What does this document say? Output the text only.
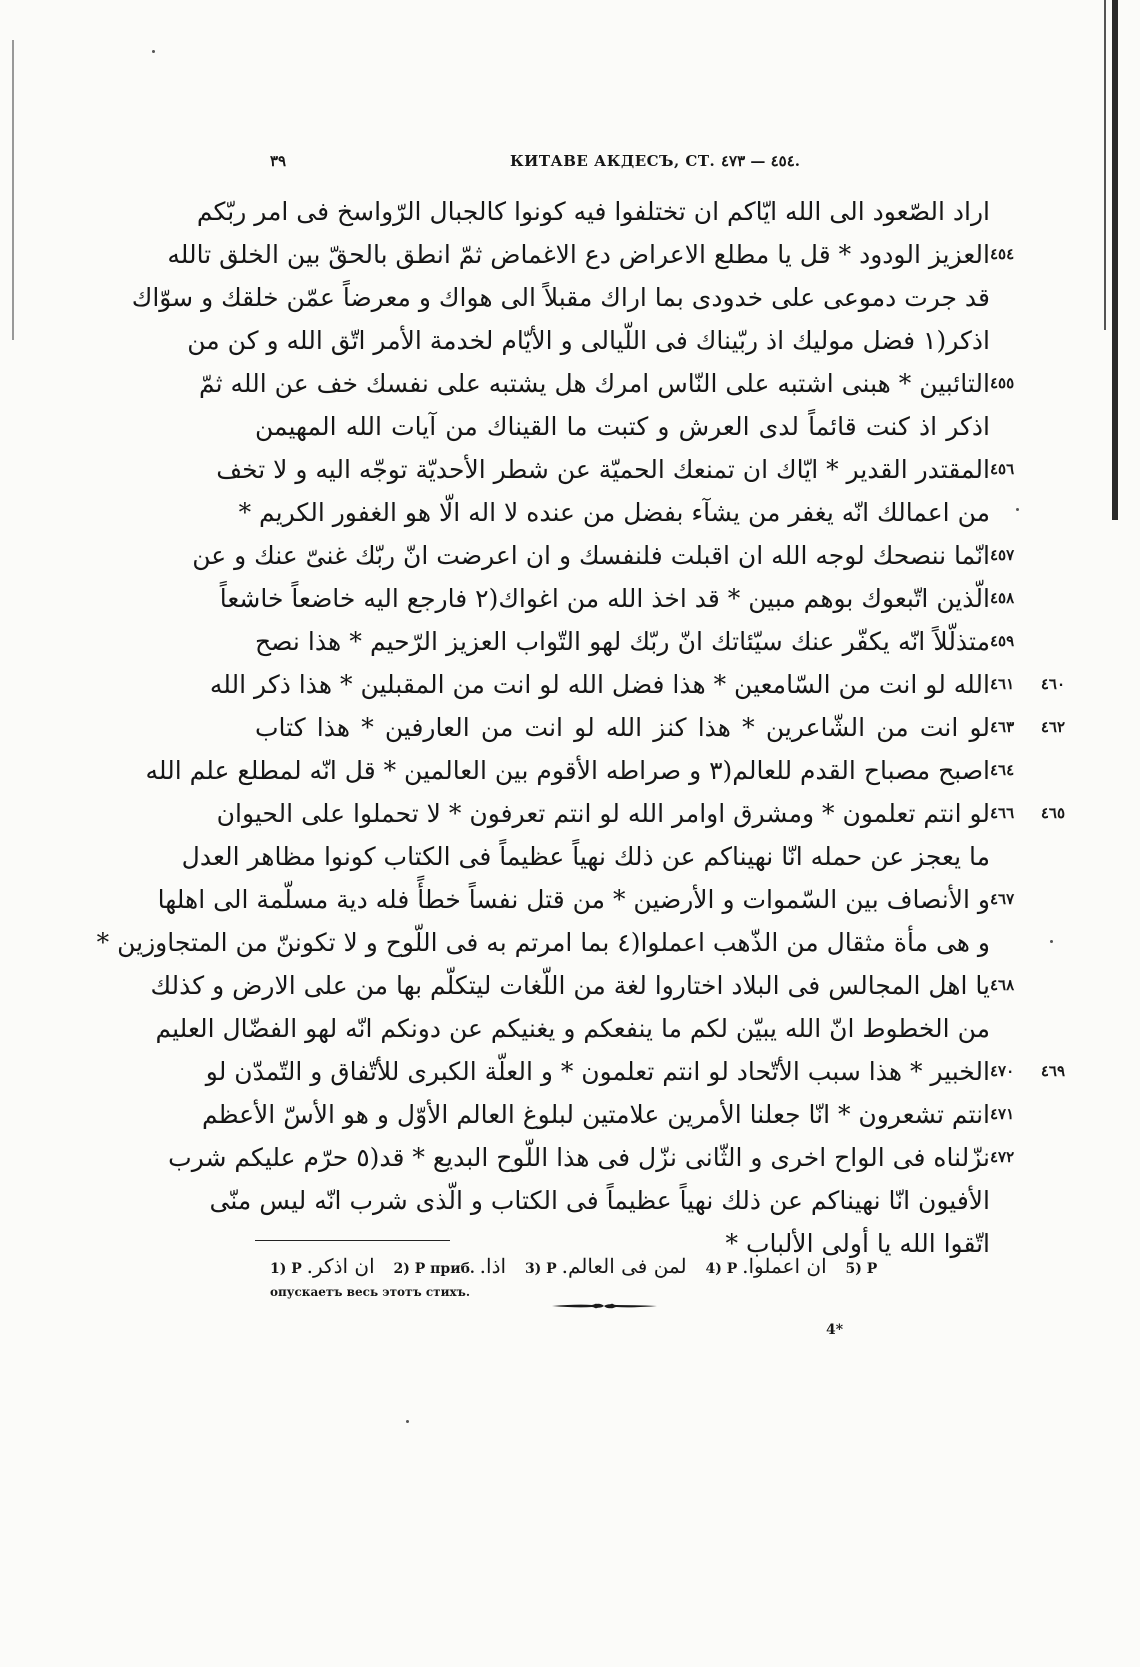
٣٩	КИТАВЕ АКДЕСЪ, СТ. ٤٥٤ — ٤٧٣.
اراد الصّعود الى الله ايّاكم ان تختلفوا فيه كونوا كالجبال الرّواسخ فى امر ربّكم
٤٥٤
العزيز الودود * قل يا مطلع الاعراض دع الاغماض ثمّ انطق بالحقّ بين الخلق تالله
قد جرت دموعى على خدودى بما اراك مقبلاً الى هواك و معرضاً عمّن خلقك و سوّاك
اذكر(١ فضل موليك اذ ربّيناك فى اللّيالى و الأيّام لخدمة الأمر اتّق الله و كن من
٤٥٥
التائبين * هبنى اشتبه على النّاس امرك هل يشتبه على نفسك خف عن الله ثمّ
اذكر اذ كنت قائماً لدى العرش و كتبت ما القيناك من آيات الله المهيمن
٤٥٦
المقتدر القدير * ايّاك ان تمنعك الحميّة عن شطر الأحديّة توجّه اليه و لا تخف
من اعمالك انّه يغفر من يشآء بفضل من عنده لا اله الّا هو الغفور الكريم *
٤٥٧
انّما ننصحك لوجه الله ان اقبلت فلنفسك و ان اعرضت انّ ربّك غنىّ عنك و عن
٤٥٨
الّذين اتّبعوك بوهم مبين * قد اخذ الله من اغواك(٢ فارجع اليه خاضعاً خاشعاً
٤٥٩
متذلّلاً انّه يكفّر عنك سيّئاتك انّ ربّك لهو التّواب العزيز الرّحيم * هذا نصح
٤٦٠ ٤٦١
الله لو انت من السّامعين * هذا فضل الله لو انت من المقبلين * هذا ذكر الله
٤٦٢ ٤٦٣
لو انت من الشّاعرين * هذا كنز الله لو انت من العارفين * هذا كتاب
٤٦٤
اصبح مصباح القدم للعالم(٣ و صراطه الأقوم بين العالمين * قل انّه لمطلع علم الله
٤٦٥ ٤٦٦
لو انتم تعلمون * ومشرق اوامر الله لو انتم تعرفون * لا تحملوا على الحيوان
ما يعجز عن حمله انّا نهيناكم عن ذلك نهياً عظيماً فى الكتاب كونوا مظاهر العدل
٤٦٧
و الأنصاف بين السّموات و الأرضين * من قتل نفساً خطأً فله دية مسلّمة الى اهلها
و هى مأة مثقال من الذّهب اعملوا(٤ بما امرتم به فى اللّوح و لا تكوننّ من المتجاوزين *
٤٦٨
يا اهل المجالس فى البلاد اختاروا لغة من اللّغات ليتكلّم بها من على الارض و كذلك
من الخطوط انّ الله يبيّن لكم ما ينفعكم و يغنيكم عن دونكم انّه لهو الفضّال العليم
٤٦٩ ٤٧٠
الخبير * هذا سبب الأتّحاد لو انتم تعلمون * و العلّة الكبرى للأتّفاق و التّمدّن لو
٤٧١
انتم تشعرون * انّا جعلنا الأمرين علامتين لبلوغ العالم الأوّل و هو الأسّ الأعظم
٤٧٢
نزّلناه فى الواح اخرى و الثّانى نزّل فى هذا اللّوح البديع * قد(٥ حرّم عليكم شرب
الأفيون انّا نهيناكم عن ذلك نهياً عظيماً فى الكتاب و الّذى شرب انّه ليس منّى
اتّقوا الله يا أولى الألباب *
1) P ان اذكر. 2) P приб. اذا. 3) P لمن فى العالم. 4) P ان اعملوا. 5) P
опускаетъ весь этотъ стихъ.
4*
